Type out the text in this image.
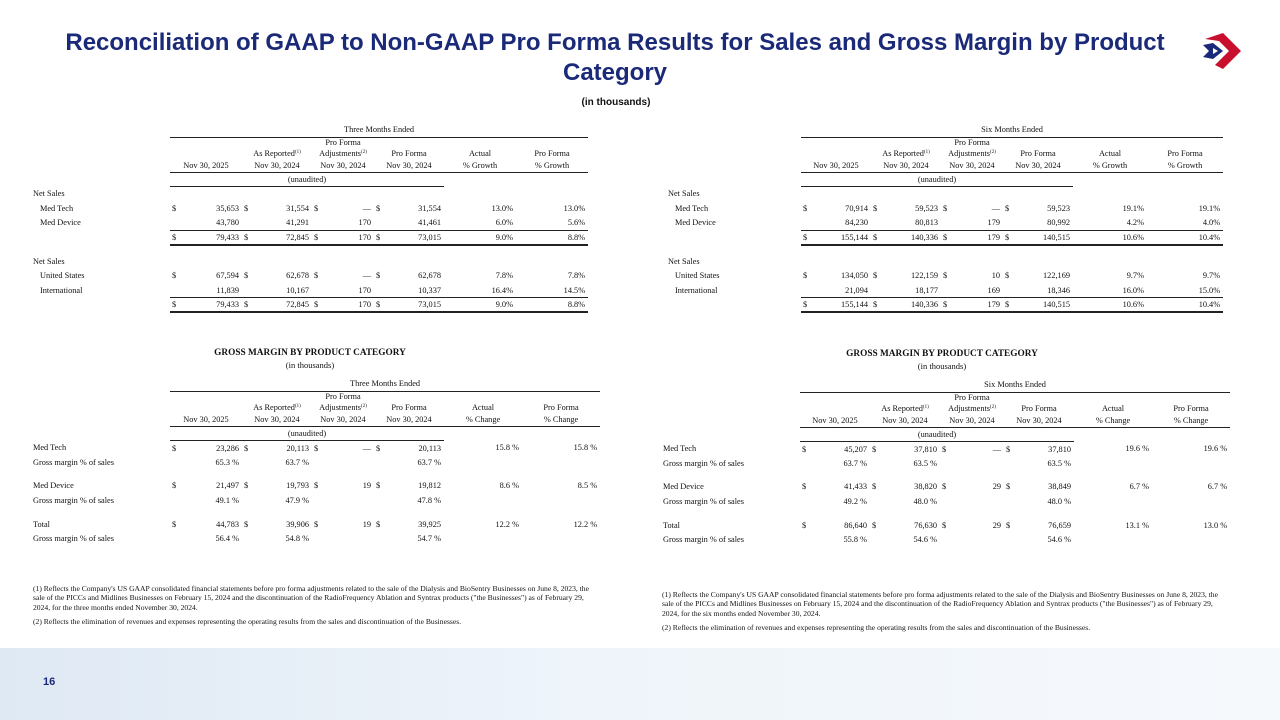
Reconciliation of GAAP to Non-GAAP Pro Forma Results for Sales and Gross Margin by Product Category
(in thousands)
	Three Months Ended									
			As Reported$^{(1)}$		Pro Forma
Adjustments$^{(2)}$		Pro Forma		Actual	Pro Forma
	Nov 30, 2025		Nov 30, 2024		Nov 30, 2024		Nov 30, 2024		% Growth	% Growth
	(unaudited)									
Net Sales										
Med Tech	$	35,653	$	31,554	$	—	$	31,554	13.0%	13.0%
Med Device		43,780		41,291		170		41,461	6.0%	5.6%
	$	79,433	$	72,845	$	170	$	73,015	9.0%	8.8%

Net Sales										
United States	$	67,594	$	62,678	$	—	$	62,678	7.8%	7.8%
International		11,839		10,167		170		10,337	16.4%	14.5%
	$	79,433	$	72,845	$	170	$	73,015	9.0%	8.8%
	Six Months Ended									
			As Reported$^{(1)}$		Pro Forma
Adjustments$^{(2)}$		Pro Forma		Actual	Pro Forma
	Nov 30, 2025		Nov 30, 2024		Nov 30, 2024		Nov 30, 2024		% Growth	% Growth
	(unaudited)									
Net Sales										
Med Tech	$	70,914	$	59,523	$	—	$	59,523	19.1%	19.1%
Med Device		84,230		80,813		179		80,992	4.2%	4.0%
	$	155,144	$	140,336	$	179	$	140,515	10.6%	10.4%

Net Sales										
United States	$	134,050	$	122,159	$	10	$	122,169	9.7%	9.7%
International		21,094		18,177		169		18,346	16.0%	15.0%
	$	155,144	$	140,336	$	179	$	140,515	10.6%	10.4%
GROSS MARGIN BY PRODUCT CATEGORY
(in thousands)
GROSS MARGIN BY PRODUCT CATEGORY
(in thousands)
	Three Months Ended									
			As Reported$^{(1)}$		Pro Forma
Adjustments$^{(2)}$		Pro Forma		Actual	Pro Forma
	Nov 30, 2025		Nov 30, 2024		Nov 30, 2024		Nov 30, 2024		% Change	% Change
	(unaudited)									
Med Tech	$	23,286	$	20,113	$	—	$	20,113	15.8 %	15.8 %
Gross margin % of sales		65.3 %		63.7 %				63.7 %		

Med Device	$	21,497	$	19,793	$	19	$	19,812	8.6 %	8.5 %
Gross margin % of sales		49.1 %		47.9 %				47.8 %		

Total	$	44,783	$	39,906	$	19	$	39,925	12.2 %	12.2 %
Gross margin % of sales		56.4 %		54.8 %				54.7 %		
	Six Months Ended									
			As Reported$^{(1)}$		Pro Forma
Adjustments$^{(2)}$		Pro Forma		Actual	Pro Forma
	Nov 30, 2025		Nov 30, 2024		Nov 30, 2024		Nov 30, 2024		% Change	% Change
	(unaudited)									
Med Tech	$	45,207	$	37,810	$	—	$	37,810	19.6 %	19.6 %
Gross margin % of sales		63.7 %		63.5 %				63.5 %		

Med Device	$	41,433	$	38,820	$	29	$	38,849	6.7 %	6.7 %
Gross margin % of sales		49.2 %		48.0 %				48.0 %		

Total	$	86,640	$	76,630	$	29	$	76,659	13.1 %	13.0 %
Gross margin % of sales		55.8 %		54.6 %				54.6 %		

(1) Reflects the Company's US GAAP consolidated financial statements before pro forma adjustments related to the sale of the Dialysis and BioSentry Businesses on June 8, 2023, the sale of the PICCs and Midlines Businesses on February 15, 2024 and the discontinuation of the RadioFrequency Ablation and Syntrax products ("the Businesses") as of February 29, 2024, for the three months ended November 30, 2024.

(2) Reflects the elimination of revenues and expenses representing the operating results from the sales and discontinuation of the Businesses.

(1) Reflects the Company's US GAAP consolidated financial statements before pro forma adjustments related to the sale of the Dialysis and BioSentry Businesses on June 8, 2023, the sale of the PICCs and Midlines Businesses on February 15, 2024 and the discontinuation of the RadioFrequency Ablation and Syntrax products ("the Businesses") as of February 29, 2024, for the six months ended November 30, 2024.

(2) Reflects the elimination of revenues and expenses representing the operating results from the sales and discontinuation of the Businesses.

16
